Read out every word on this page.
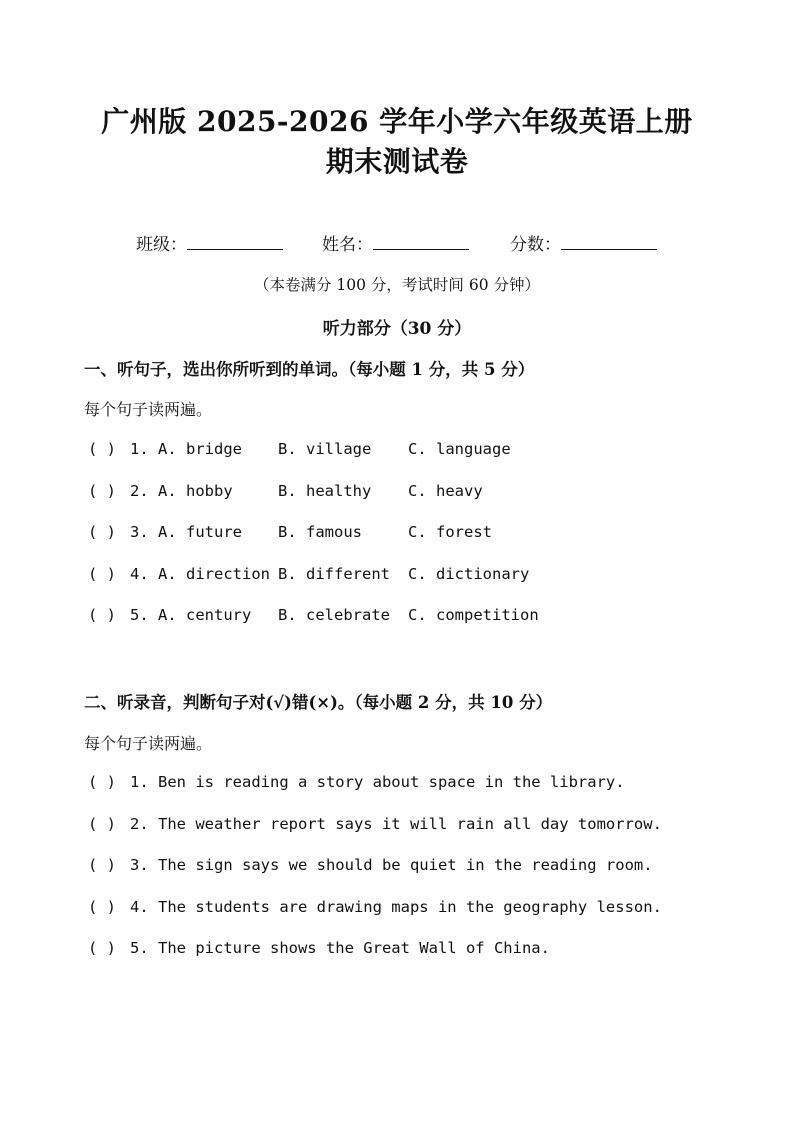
广州版 2025-2026 学年小学六年级英语上册
期末测试卷
班级：	姓名：	分数：
（本卷满分 100 分，考试时间 60 分钟）
听力部分（30 分）
一、听句子，选出你所听到的单词。（每小题 1 分，共 5 分）
每个句子读两遍。
( ) 1. A. bridge B. village C. language
( ) 2. A. hobby	B. healthy C. heavy
( ) 3. A. future B. famous	C. forest
( ) 4. A. direction B. different C. dictionary
( ) 5. A. century B. celebrate C. competition
二、听录音，判断句子对(√)错(×)。（每小题 2 分，共 10 分）
每个句子读两遍。
( ) 1. Ben is reading a story about space in the library.
( ) 2. The weather report says it will rain all day tomorrow.
( ) 3. The sign says we should be quiet in the reading room.
( ) 4. The students are drawing maps in the geography lesson.
( ) 5. The picture shows the Great Wall of China.
